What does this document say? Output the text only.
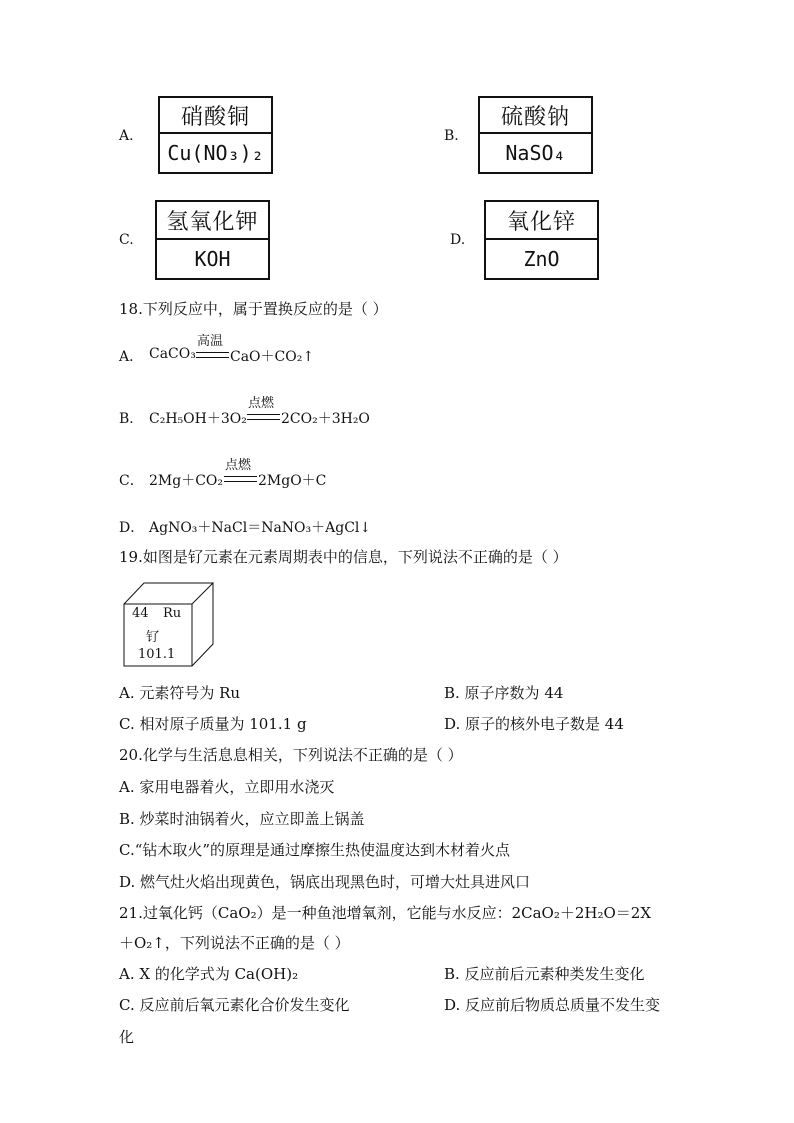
A.
硝酸铜
Cu(NO₃)₂
B.
硫酸钠
NaSO₄
C.
氢氧化钾
KOH
D.
氧化锌
ZnO
18.下列反应中，属于置换反应的是（ ）
A． CaCO₃
高温
CaO＋CO₂↑
B． C₂H₅OH＋3O₂
点燃
2CO₂＋3H₂O
C． 2Mg＋CO₂
点燃
2MgO＋C
D． AgNO₃＋NaCl＝NaNO₃＋AgCl↓
19.如图是钌元素在元素周期表中的信息，下列说法不正确的是（ ）
44 Ru
钌
101.1
A. 元素符号为 Ru	B. 原子序数为 44
C. 相对原子质量为 101.1 g	D. 原子的核外电子数是 44
20.化学与生活息息相关，下列说法不正确的是（ ）
A. 家用电器着火，立即用水浇灭
B. 炒菜时油锅着火，应立即盖上锅盖
C.“钻木取火”的原理是通过摩擦生热使温度达到木材着火点
D. 燃气灶火焰出现黄色，锅底出现黑色时，可增大灶具进风口
21.过氧化钙（CaO₂）是一种鱼池增氧剂，它能与水反应：2CaO₂＋2H₂O＝2X
＋O₂↑，下列说法不正确的是（ ）
A. X 的化学式为 Ca(OH)₂	B. 反应前后元素种类发生变化
C. 反应前后氧元素化合价发生变化	D. 反应前后物质总质量不发生变
化
